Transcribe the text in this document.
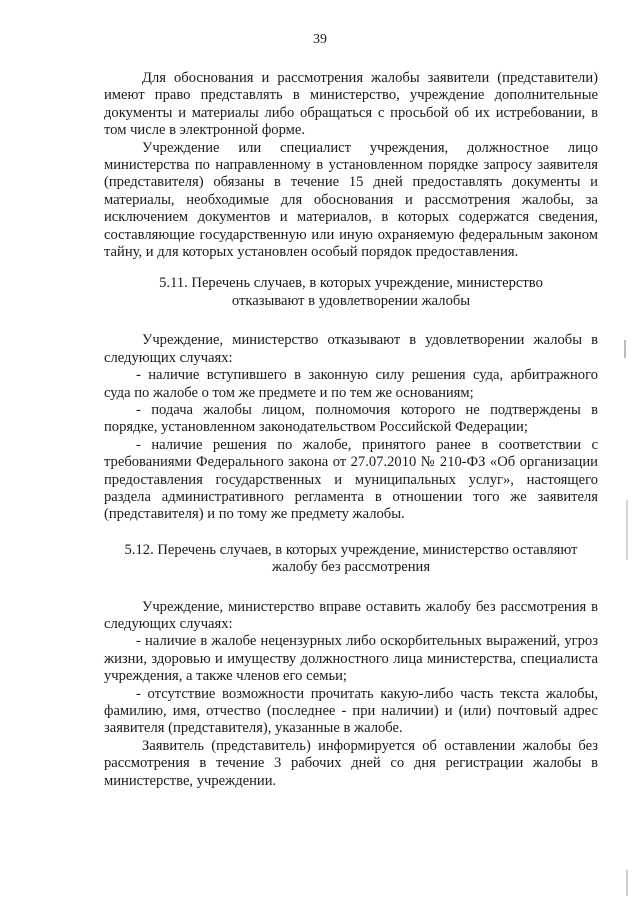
39

Для обоснования и рассмотрения жалобы заявители (представители) имеют право представлять в министерство, учреждение дополнительные документы и материалы либо обращаться с просьбой об их истребовании, в том числе в электронной форме.

Учреждение или специалист учреждения, должностное лицо министерства по направленному в установленном порядке запросу заявителя (представителя) обязаны в течение 15 дней предоставлять документы и материалы, необходимые для обоснования и рассмотрения жалобы, за исключением документов и материалов, в которых содержатся сведения, составляющие государственную или иную охраняемую федеральным законом тайну, и для которых установлен особый порядок предоставления.

5.11. Перечень случаев, в которых учреждение, министерство отказывают в удовлетворении жалобы

Учреждение, министерство отказывают в удовлетворении жалобы в следующих случаях:

- наличие вступившего в законную силу решения суда, арбитражного суда по жалобе о том же предмете и по тем же основаниям;

- подача жалобы лицом, полномочия которого не подтверждены в порядке, установленном законодательством Российской Федерации;

- наличие решения по жалобе, принятого ранее в соответствии с требованиями Федерального закона от 27.07.2010 № 210-ФЗ «Об организации предоставления государственных и муниципальных услуг», настоящего раздела административного регламента в отношении того же заявителя (представителя) и по тому же предмету жалобы.

5.12. Перечень случаев, в которых учреждение, министерство оставляют жалобу без рассмотрения

Учреждение, министерство вправе оставить жалобу без рассмотрения в следующих случаях:

- наличие в жалобе нецензурных либо оскорбительных выражений, угроз жизни, здоровью и имуществу должностного лица министерства, специалиста учреждения, а также членов его семьи;

- отсутствие возможности прочитать какую-либо часть текста жалобы, фамилию, имя, отчество (последнее - при наличии) и (или) почтовый адрес заявителя (представителя), указанные в жалобе.

Заявитель (представитель) информируется об оставлении жалобы без рассмотрения в течение 3 рабочих дней со дня регистрации жалобы в министерстве, учреждении.
